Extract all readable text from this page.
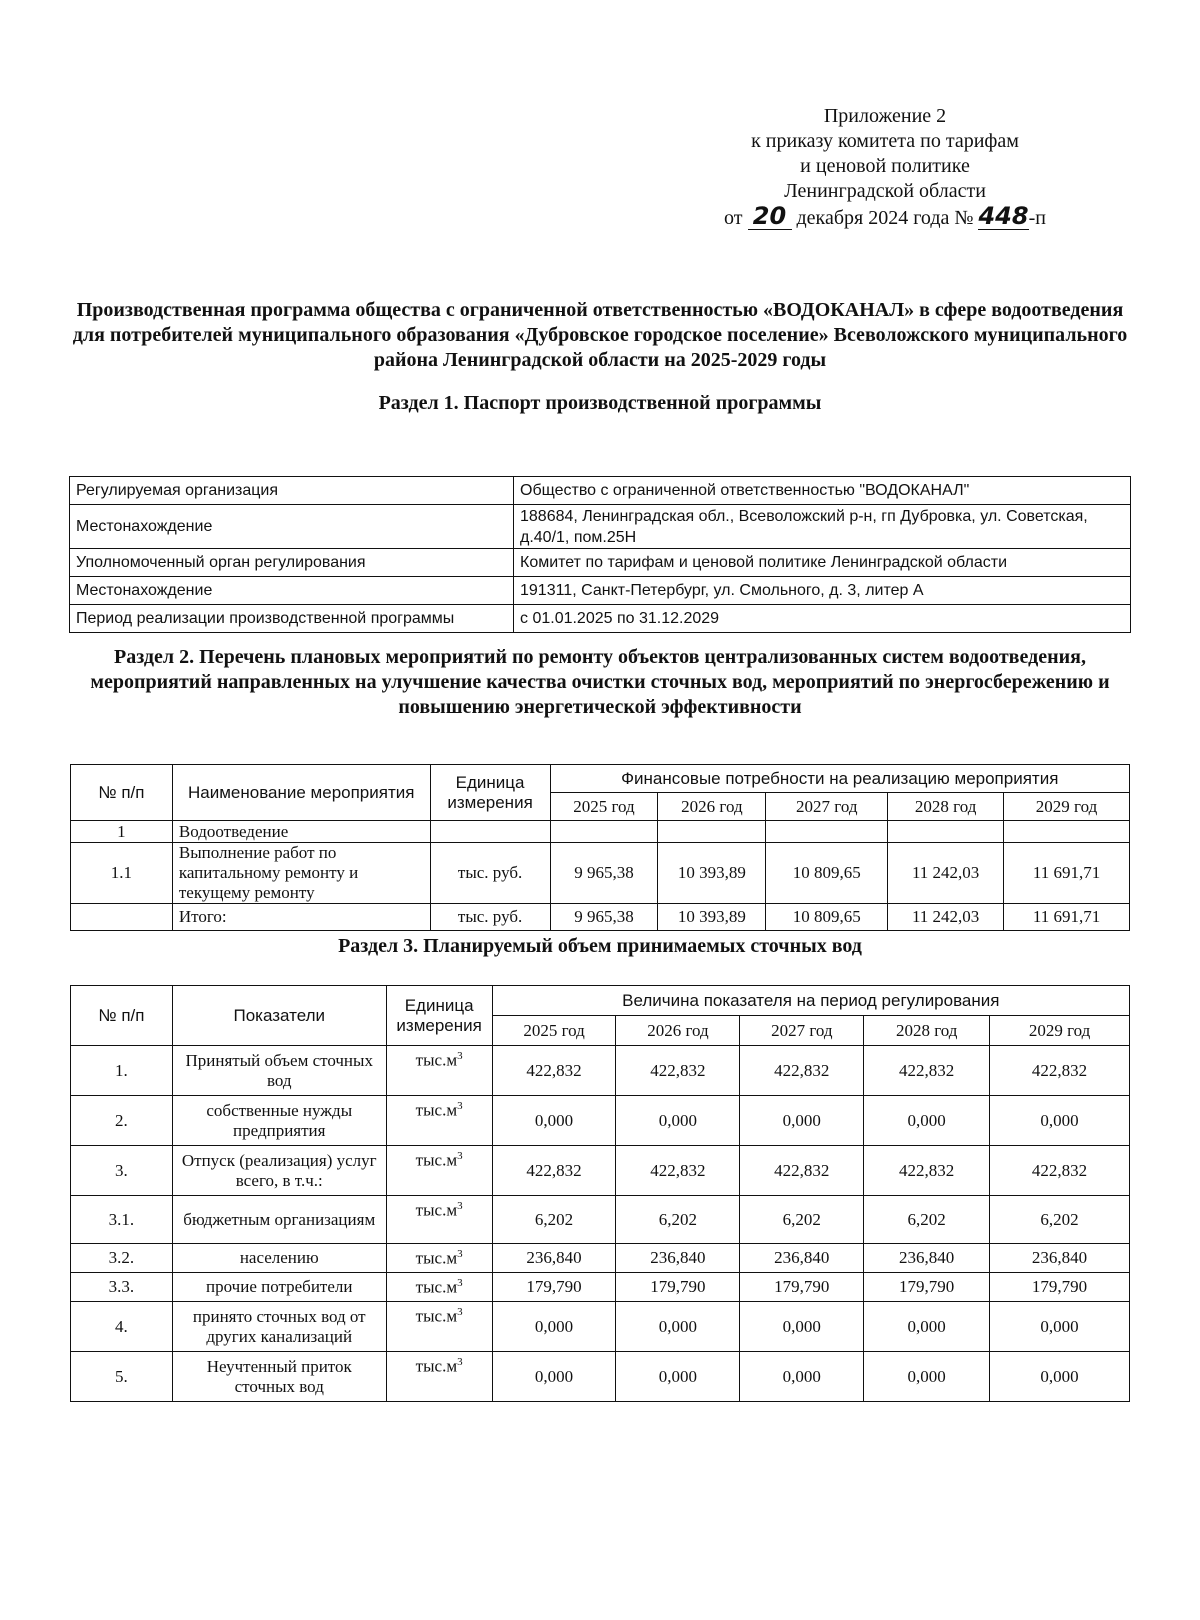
Приложение 2
к приказу комитета по тарифам
и ценовой политике
Ленинградской области
от 20 декабря 2024 года № 448-п
Производственная программа общества с ограниченной ответственностью «ВОДОКАНАЛ» в сфере водоотведения для потребителей муниципального образования «Дубровское городское поселение» Всеволожского муниципального района Ленинградской области на 2025-2029 годы
Раздел 1. Паспорт производственной программы
Регулируемая организация	Общество с ограниченной ответственностью "ВОДОКАНАЛ"
Местонахождение	188684, Ленинградская обл., Всеволожский р-н, гп Дубровка, ул. Советская, д.40/1, пом.25Н
Уполномоченный орган регулирования	Комитет по тарифам и ценовой политике Ленинградской области
Местонахождение	191311, Санкт-Петербург, ул. Смольного, д. 3, литер А
Период реализации производственной программы	с 01.01.2025 по 31.12.2029
Раздел 2. Перечень плановых мероприятий по ремонту объектов централизованных систем водоотведения, мероприятий направленных на улучшение качества очистки сточных вод, мероприятий по энергосбережению и повышению энергетической эффективности
№ п/п	Наименование мероприятия	Единица измерения	Финансовые потребности на реализацию мероприятия				
			2025 год	2026 год	2027 год	2028 год	2029 год
1	Водоотведение						
1.1	Выполнение работ по капитальному ремонту и текущему ремонту	тыс. руб.	9 965,38	10 393,89	10 809,65	11 242,03	11 691,71
	Итого:	тыс. руб.	9 965,38	10 393,89	10 809,65	11 242,03	11 691,71
Раздел 3. Планируемый объем принимаемых сточных вод
№ п/п	Показатели	Единица измерения	Величина показателя на период регулирования				
			2025 год	2026 год	2027 год	2028 год	2029 год
1.	Принятый объем сточных вод	$тыс.м^3$	422,832	422,832	422,832	422,832	422,832
2.	собственные нужды предприятия	$тыс.м^3$	0,000	0,000	0,000	0,000	0,000
3.	Отпуск (реализация) услуг всего, в т.ч.:	$тыс.м^3$	422,832	422,832	422,832	422,832	422,832
3.1.	бюджетным организациям	$тыс.м^3$	6,202	6,202	6,202	6,202	6,202
3.2.	населению	$тыс.м^3$	236,840	236,840	236,840	236,840	236,840
3.3.	прочие потребители	$тыс.м^3$	179,790	179,790	179,790	179,790	179,790
4.	принято сточных вод от других канализаций	$тыс.м^3$	0,000	0,000	0,000	0,000	0,000
5.	Неучтенный приток сточных вод	$тыс.м^3$	0,000	0,000	0,000	0,000	0,000
